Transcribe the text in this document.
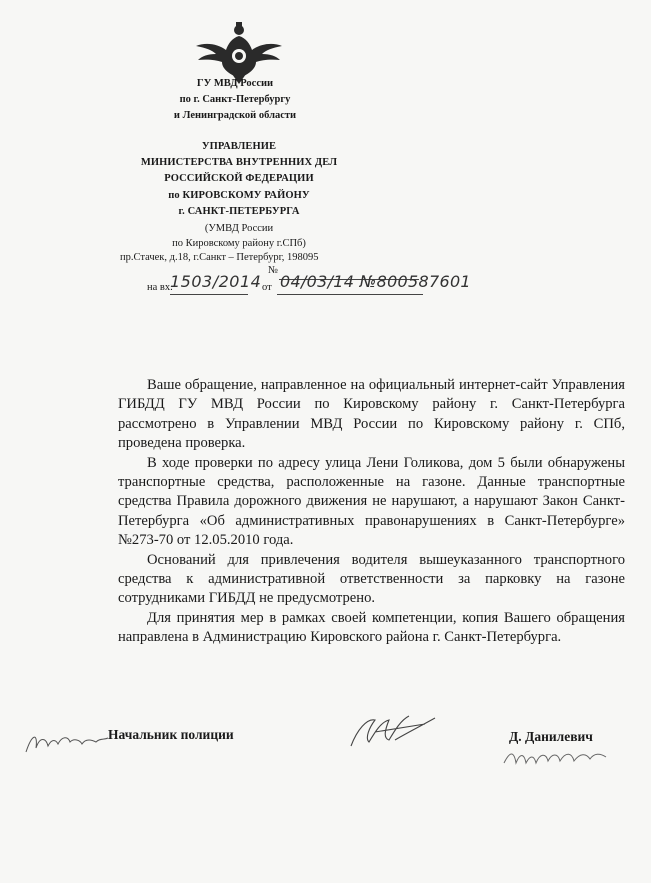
ГУ МВД России
по г. Санкт-Петербургу
и Ленинградской области
УПРАВЛЕНИЕ
МИНИСТЕРСТВА ВНУТРЕННИХ ДЕЛ
РОССИЙСКОЙ ФЕДЕРАЦИИ
по КИРОВСКОМУ РАЙОНУ
г. САНКТ-ПЕТЕРБУРГА
(УМВД России
по Кировскому району г.СПб)
пр.Стачек, д.18, г.Санкт – Петербург, 198095
№
на вх.
1503/2014 от 04/03/14 №800587601

Ваше обращение, направленное на официальный интернет-сайт Управления ГИБДД ГУ МВД России по Кировскому району г. Санкт-Петербурга рассмотрено в Управлении МВД России по Кировскому району г. СПб, проведена проверка.

В ходе проверки по адресу улица Лени Голикова, дом 5 были обнаружены транспортные средства, расположенные на газоне. Данные транспортные средства Правила дорожного движения не нарушают, а нарушают Закон Санкт-Петербурга «Об административных правонарушениях в Санкт-Петербурге» №273-70 от 12.05.2010 года.

Оснований для привлечения водителя вышеуказанного транспортного средства к административной ответственности за парковку на газоне сотрудниками ГИБДД не предусмотрено.

Для принятия мер в рамках своей компетенции, копия Вашего обращения направлена в Администрацию Кировского района г. Санкт-Петербурга.

Начальник полиции	Д. Данилевич
